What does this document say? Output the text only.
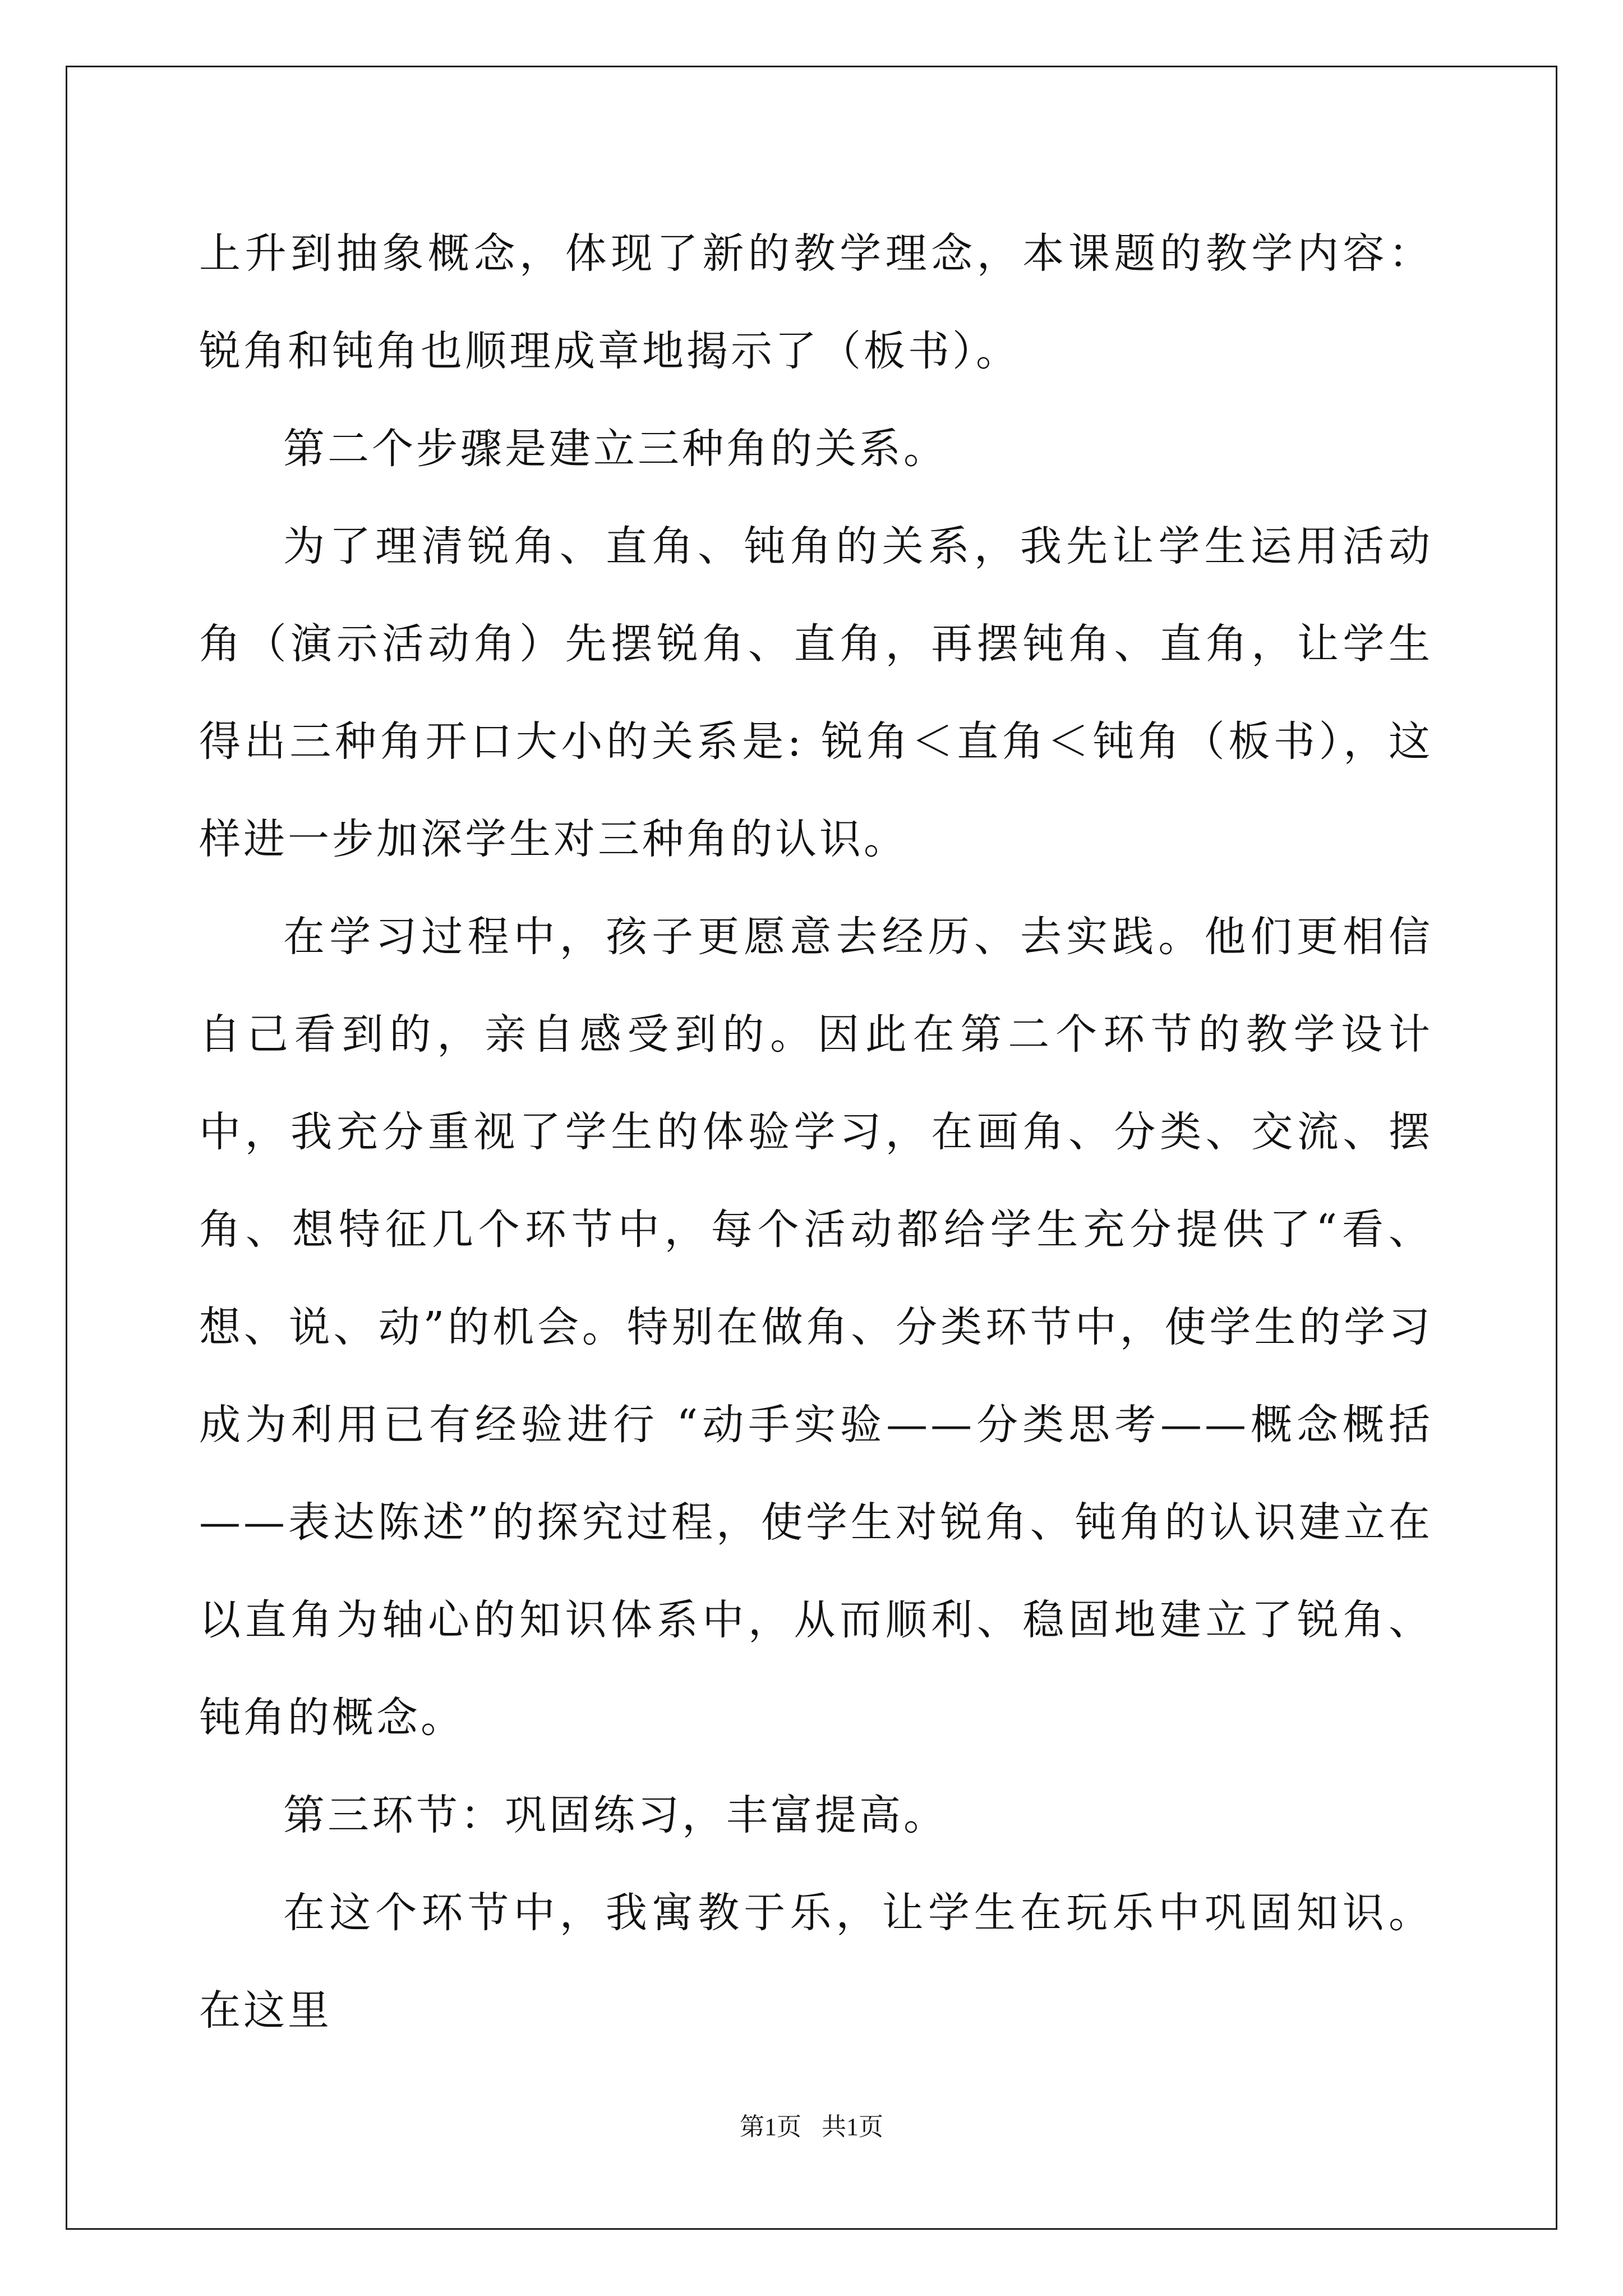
上升到抽象概念，体现了新的教学理念，本课题的教学内容：锐角和钝角也顺理成章地揭示了（板书）。

第二个步骤是建立三种角的关系。

为了理清锐角、直角、钝角的关系，我先让学生运用活动角（演示活动角）先摆锐角、直角，再摆钝角、直角，让学生得出三种角开口大小的关系是: 锐角＜直角＜钝角（板书），这样进一步加深学生对三种角的认识。

在学习过程中，孩子更愿意去经历、去实践。他们更相信自己看到的，亲自感受到的。因此在第二个环节的教学设计中，我充分重视了学生的体验学习，在画角、分类、交流、摆角、想特征几个环节中，每个活动都给学生充分提供了“看、想、说、动”的机会。特别在做角、分类环节中，使学生的学习成为利用已有经验进行 “动手实验——分类思考——概念概括——表达陈述”的探究过程，使学生对锐角、钝角的认识建立在以直角为轴心的知识体系中，从而顺利、稳固地建立了锐角、钝角的概念。

第三环节：巩固练习，丰富提高。

在这个环节中，我寓教于乐，让学生在玩乐中巩固知识。在这里

第1页 共1页
